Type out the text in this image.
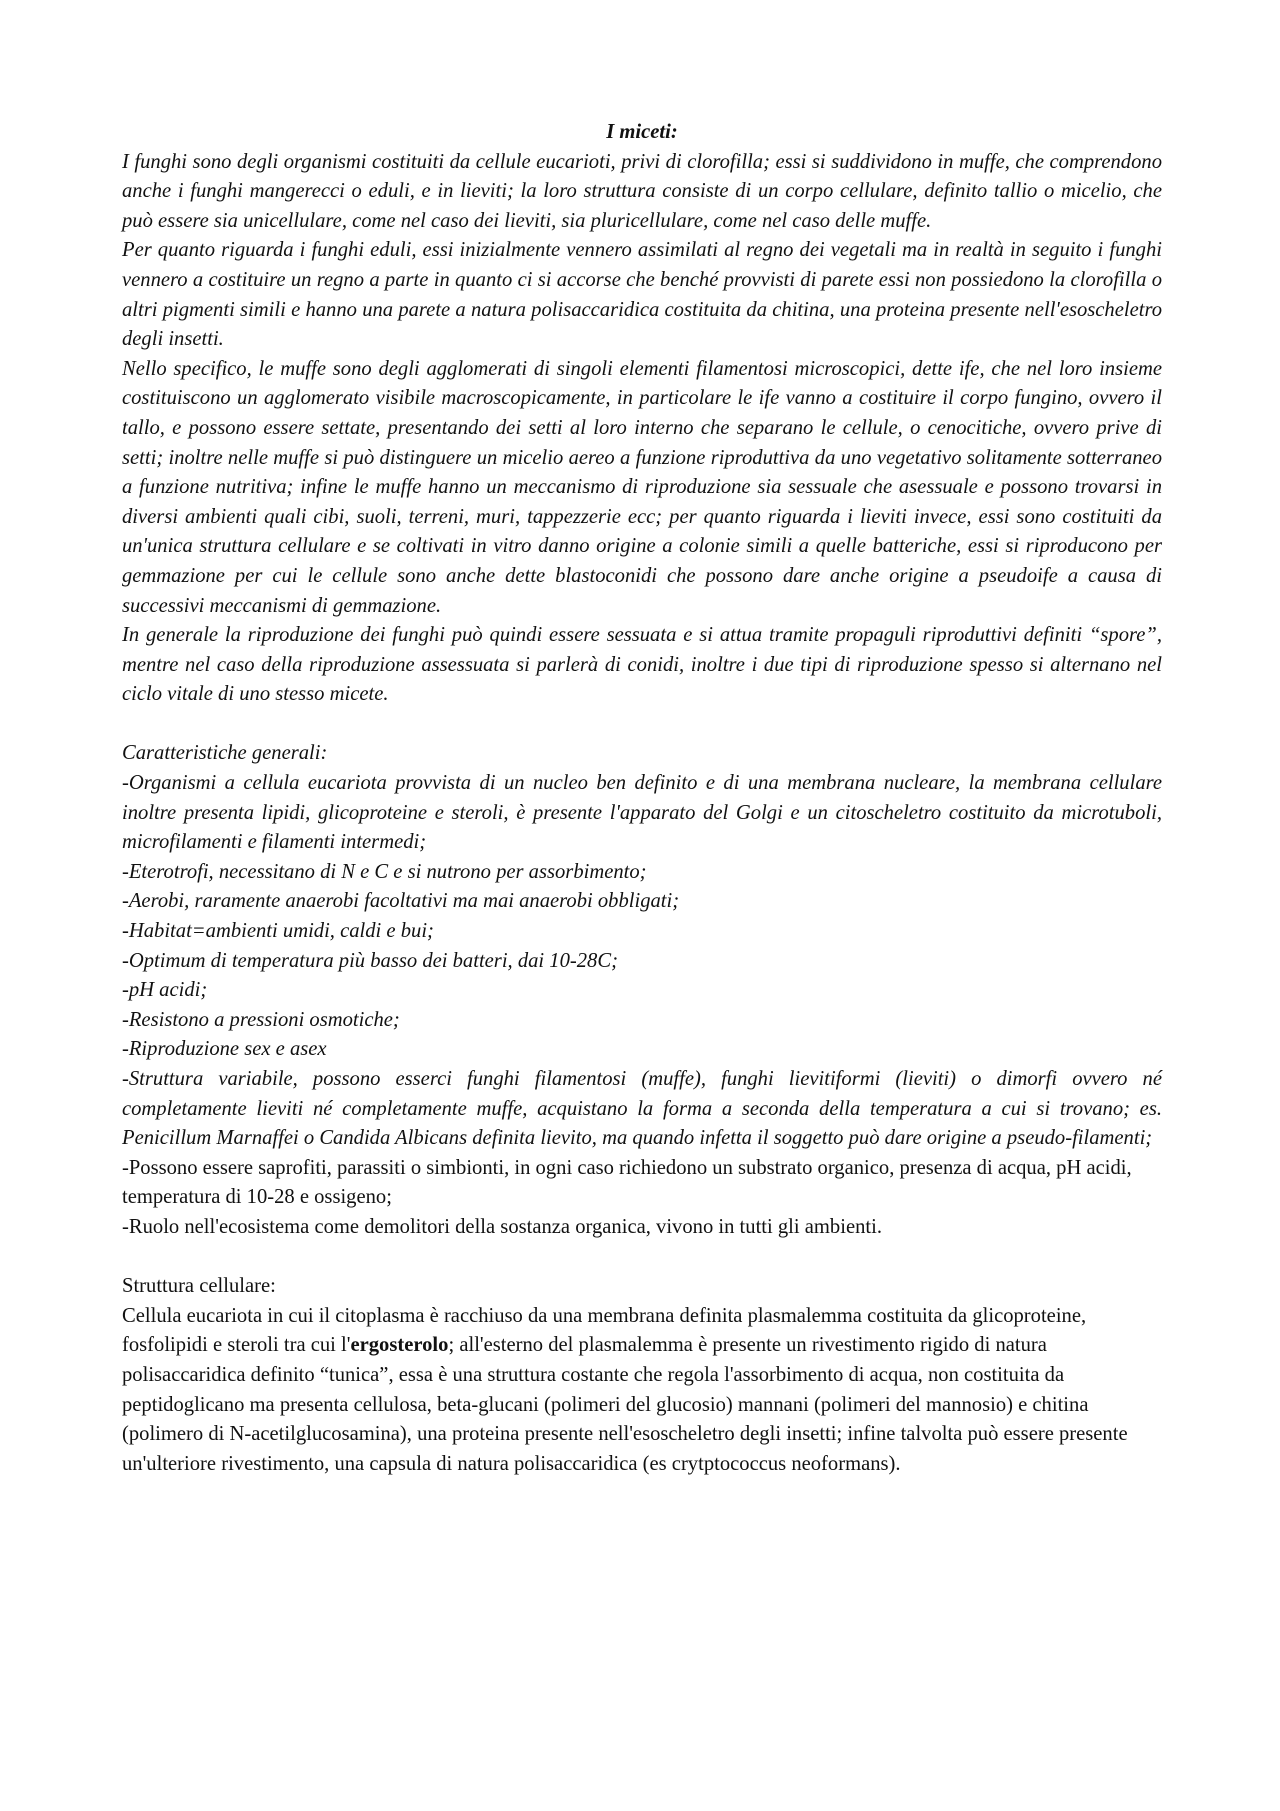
I miceti:

I funghi sono degli organismi costituiti da cellule eucarioti, privi di clorofilla; essi si suddividono in muffe, che comprendono anche i funghi mangerecci o eduli, e in lieviti; la loro struttura consiste di un corpo cellulare, definito tallio o micelio, che può essere sia unicellulare, come nel caso dei lieviti, sia pluricellulare, come nel caso delle muffe.

Per quanto riguarda i funghi eduli, essi inizialmente vennero assimilati al regno dei vegetali ma in realtà in seguito i funghi vennero a costituire un regno a parte in quanto ci si accorse che benché provvisti di parete essi non possiedono la clorofilla o altri pigmenti simili e hanno una parete a natura polisaccaridica costituita da chitina, una proteina presente nell'esoscheletro degli insetti.

Nello specifico, le muffe sono degli agglomerati di singoli elementi filamentosi microscopici, dette ife, che nel loro insieme costituiscono un agglomerato visibile macroscopicamente, in particolare le ife vanno a costituire il corpo fungino, ovvero il tallo, e possono essere settate, presentando dei setti al loro interno che separano le cellule, o cenocitiche, ovvero prive di setti; inoltre nelle muffe si può distinguere un micelio aereo a funzione riproduttiva da uno vegetativo solitamente sotterraneo a funzione nutritiva; infine le muffe hanno un meccanismo di riproduzione sia sessuale che asessuale e possono trovarsi in diversi ambienti quali cibi, suoli, terreni, muri, tappezzerie ecc; per quanto riguarda i lieviti invece, essi sono costituiti da un'unica struttura cellulare e se coltivati in vitro danno origine a colonie simili a quelle batteriche, essi si riproducono per gemmazione per cui le cellule sono anche dette blastoconidi che possono dare anche origine a pseudoife a causa di successivi meccanismi di gemmazione.

In generale la riproduzione dei funghi può quindi essere sessuata e si attua tramite propaguli riproduttivi definiti “spore”, mentre nel caso della riproduzione assessuata si parlerà di conidi, inoltre i due tipi di riproduzione spesso si alternano nel ciclo vitale di uno stesso micete.

Caratteristiche generali:

-Organismi a cellula eucariota provvista di un nucleo ben definito e di una membrana nucleare, la membrana cellulare inoltre presenta lipidi, glicoproteine e steroli, è presente l'apparato del Golgi e un citoscheletro costituito da microtuboli, microfilamenti e filamenti intermedi;

-Eterotrofi, necessitano di N e C e si nutrono per assorbimento;

-Aerobi, raramente anaerobi facoltativi ma mai anaerobi obbligati;

-Habitat=ambienti umidi, caldi e bui;

-Optimum di temperatura più basso dei batteri, dai 10-28C;

-pH acidi;

-Resistono a pressioni osmotiche;

-Riproduzione sex e asex

-Struttura variabile, possono esserci funghi filamentosi (muffe), funghi lievitiformi (lieviti) o dimorfi ovvero né completamente lieviti né completamente muffe, acquistano la forma a seconda della temperatura a cui si trovano; es. Penicillum Marnaffei o Candida Albicans definita lievito, ma quando infetta il soggetto può dare origine a pseudo-filamenti;

-Possono essere saprofiti, parassiti o simbionti, in ogni caso richiedono un substrato organico, presenza di acqua, pH acidi, temperatura di 10-28 e ossigeno;

-Ruolo nell'ecosistema come demolitori della sostanza organica, vivono in tutti gli ambienti.

Struttura cellulare:

Cellula eucariota in cui il citoplasma è racchiuso da una membrana definita plasmalemma costituita da glicoproteine, fosfolipidi e steroli tra cui l'ergosterolo; all'esterno del plasmalemma è presente un rivestimento rigido di natura polisaccaridica definito “tunica”, essa è una struttura costante che regola l'assorbimento di acqua, non costituita da peptidoglicano ma presenta cellulosa, beta-glucani (polimeri del glucosio) mannani (polimeri del mannosio) e chitina (polimero di N-acetilglucosamina), una proteina presente nell'esoscheletro degli insetti; infine talvolta può essere presente un'ulteriore rivestimento, una capsula di natura polisaccaridica (es crytptococcus neoformans).
